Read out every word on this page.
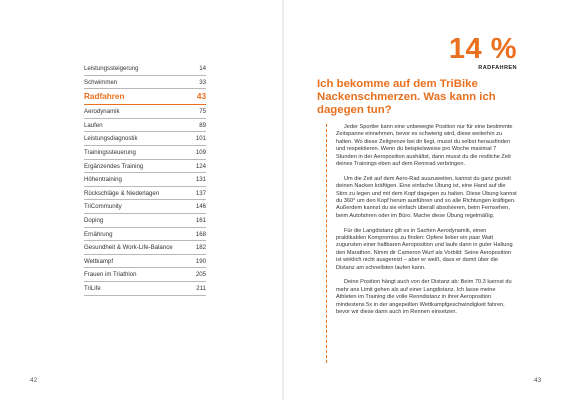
Leistungssteigerung	14
Schwimmen	33
Radfahren	43
Aerodynamik	75
Laufen	89
Leistungsdiagnostik	101
Trainingssteuerung	109
Ergänzendes Training	124
Höhentraining	131
Rückschläge & Niederlagen	137
TriCommunity	146
Doping	161
Ernährung	168
Gesundheit & Work-Life-Balance	182
Wettkampf	190
Frauen im Triathlon	205
TriLife	211
42
14 %
RADFAHREN
Ich bekomme auf dem TriBike Nackenschmerzen. Was kann ich dagegen tun?

Jeder Sportler kann eine unbewegte Position nur für eine bestimmte Zeitspanne einnehmen, bevor es schwierig wird, diese weiterhin zu halten. Wo diese Zeitgrenze bei dir liegt, musst du selbst herausfinden und respektieren. Wenn du beispielsweise pro Woche maximal 7 Stunden in der Aeroposition aushältst, dann musst du die restliche Zeit deines Trainings eben auf dem Rennrad verbringen.

Um die Zeit auf dem Aero-Rad auszuweiten, kannst du ganz gezielt deinen Nacken kräftigen. Eine einfache Übung ist, eine Hand auf die Stirn zu legen und mit dem Kopf dagegen zu halten. Diese Übung kannst du 360° um den Kopf herum ausführen und so alle Richtungen kräftigen. Außerdem kannst du sie einfach überall absolvieren, beim Fernsehen, beim Autofahren oder im Büro. Mache diese Übung regelmäßig.

Für die Langdistanz gilt es in Sachen Aerodynamik, einen praktikablen Kompromiss zu finden: Opfere lieber ein paar Watt zugunsten einer haltbaren Aeroposition und laufe dann in guter Haltung den Marathon. Nimm dir Cameron Wurf als Vorbild: Seine Aeroposition ist wirklich nicht ausgereizt – aber er weiß, dass er damit über die Distanz am schnellsten laufen kann.

Deine Position hängt auch von der Distanz ab: Beim 70.3 kannst du mehr ans Limit gehen als auf einer Langdistanz. Ich lasse meine Athleten im Training die volle Renndistanz in ihrer Aeroposition mindestens 5x in der angepeilten Wettkampfgeschwindigkeit fahren, bevor wir diese dann auch im Rennen einsetzen.

43
